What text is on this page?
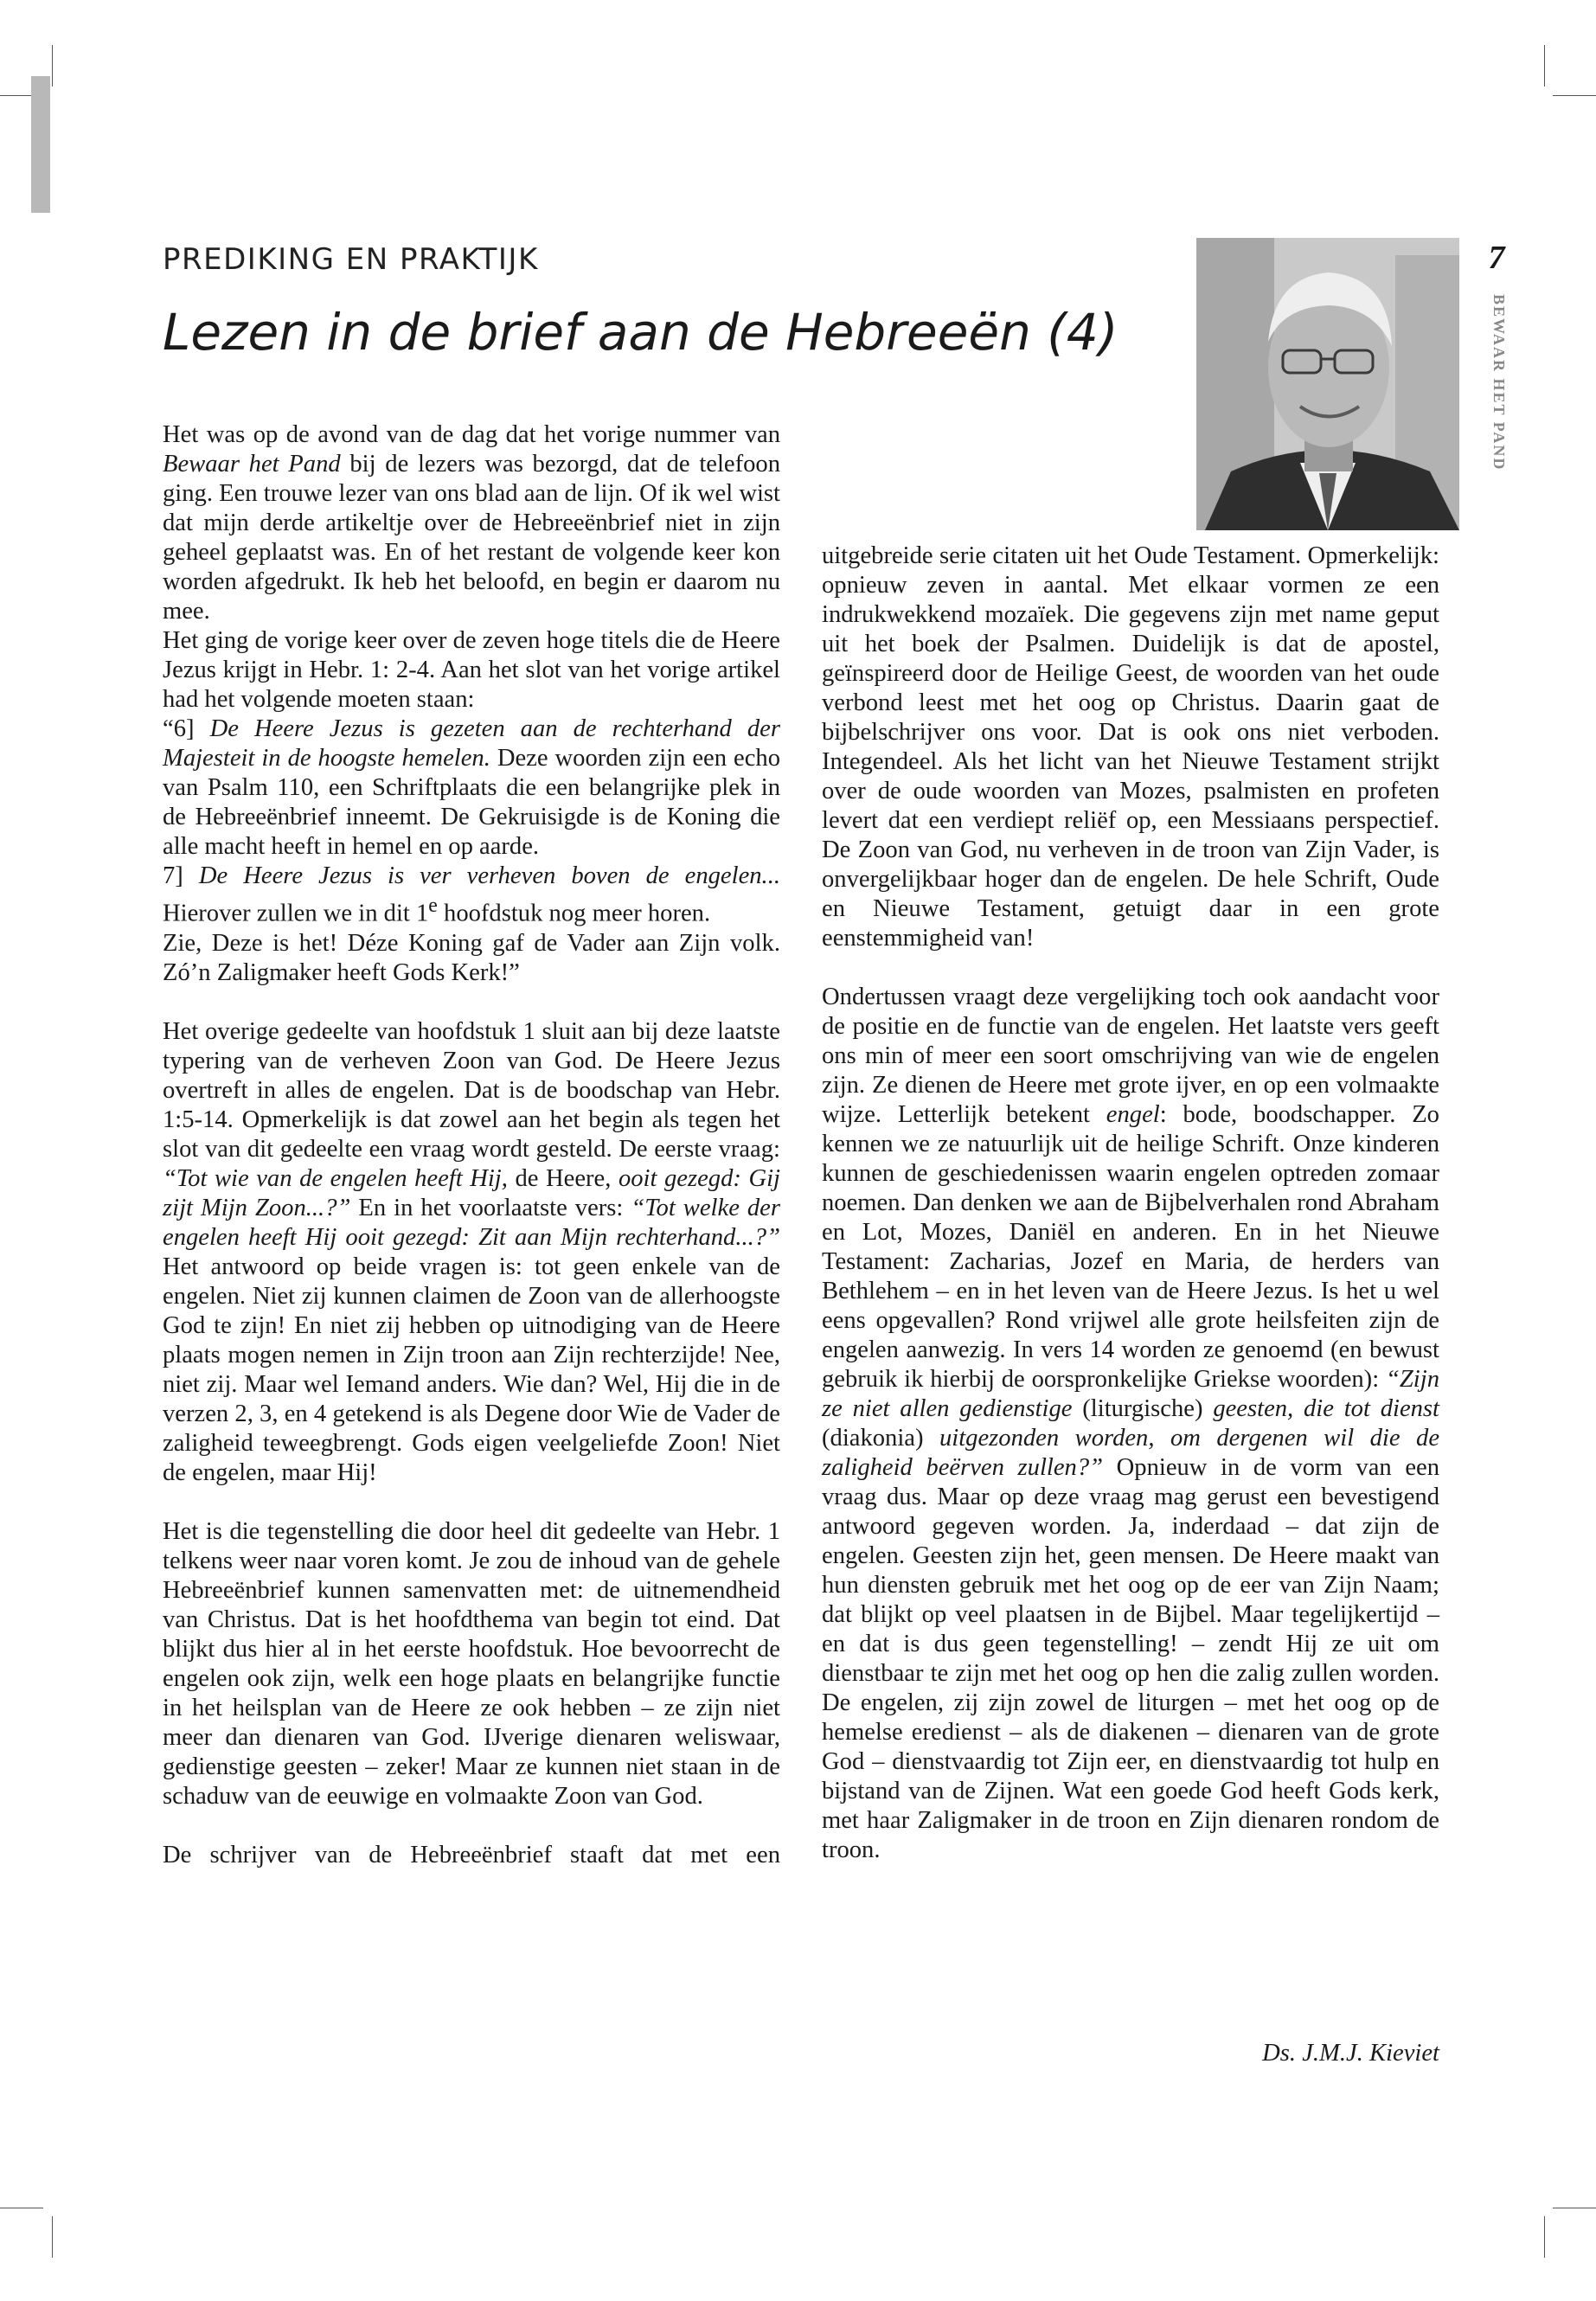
PREDIKING EN PRAKTIJK
Lezen in de brief aan de Hebreeën (4)
7
BEWAAR HET PAND

Het was op de avond van de dag dat het vorige nummer van Bewaar het Pand bij de lezers was bezorgd, dat de telefoon ging. Een trouwe lezer van ons blad aan de lijn. Of ik wel wist dat mijn derde artikeltje over de Hebreeënbrief niet in zijn geheel geplaatst was. En of het restant de volgende keer kon worden afgedrukt. Ik heb het beloofd, en begin er daarom nu mee.

Het ging de vorige keer over de zeven hoge titels die de Heere Jezus krijgt in Hebr. 1: 2-4. Aan het slot van het vorige artikel had het volgende moeten staan:

“6] De Heere Jezus is gezeten aan de rechterhand der Majesteit in de hoogste hemelen. Deze woorden zijn een echo van Psalm 110, een Schriftplaats die een belangrijke plek in de Hebreeënbrief inneemt. De Gekruisigde is de Koning die alle macht heeft in hemel en op aarde.

7] De Heere Jezus is ver verheven boven de engelen... Hierover zullen we in dit 1e hoofdstuk nog meer horen.

Zie, Deze is het! Déze Koning gaf de Vader aan Zijn volk. Zó’n Zaligmaker heeft Gods Kerk!”

Het overige gedeelte van hoofdstuk 1 sluit aan bij deze laatste typering van de verheven Zoon van God. De Heere Jezus overtreft in alles de engelen. Dat is de boodschap van Hebr. 1:5-14. Opmerkelijk is dat zowel aan het begin als tegen het slot van dit gedeelte een vraag wordt gesteld. De eerste vraag: “Tot wie van de engelen heeft Hij, de Heere, ooit gezegd: Gij zijt Mijn Zoon...?” En in het voorlaatste vers: “Tot welke der engelen heeft Hij ooit gezegd: Zit aan Mijn rechterhand...?” Het antwoord op beide vragen is: tot geen enkele van de engelen. Niet zij kunnen claimen de Zoon van de allerhoogste God te zijn! En niet zij hebben op uitnodiging van de Heere plaats mogen nemen in Zijn troon aan Zijn rechterzijde! Nee, niet zij. Maar wel Iemand anders. Wie dan? Wel, Hij die in de verzen 2, 3, en 4 getekend is als Degene door Wie de Vader de zaligheid teweegbrengt. Gods eigen veelgeliefde Zoon! Niet de engelen, maar Hij!

Het is die tegenstelling die door heel dit gedeelte van Hebr. 1 telkens weer naar voren komt. Je zou de inhoud van de gehele Hebreeënbrief kunnen samenvatten met: de uitnemendheid van Christus. Dat is het hoofdthema van begin tot eind. Dat blijkt dus hier al in het eerste hoofdstuk. Hoe bevoorrecht de engelen ook zijn, welk een hoge plaats en belangrijke functie in het heilsplan van de Heere ze ook hebben – ze zijn niet meer dan dienaren van God. IJverige dienaren weliswaar, gedienstige geesten – zeker! Maar ze kunnen niet staan in de schaduw van de eeuwige en volmaakte Zoon van God.

De schrijver van de Hebreeënbrief staaft dat met een

uitgebreide serie citaten uit het Oude Testament. Opmerkelijk: opnieuw zeven in aantal. Met elkaar vormen ze een indrukwekkend mozaïek. Die gegevens zijn met name geput uit het boek der Psalmen. Duidelijk is dat de apostel, geïnspireerd door de Heilige Geest, de woorden van het oude verbond leest met het oog op Christus. Daarin gaat de bijbelschrijver ons voor. Dat is ook ons niet verboden. Integendeel. Als het licht van het Nieuwe Testament strijkt over de oude woorden van Mozes, psalmisten en profeten levert dat een verdiept reliëf op, een Messiaans perspectief. De Zoon van God, nu verheven in de troon van Zijn Vader, is onvergelijkbaar hoger dan de engelen. De hele Schrift, Oude en Nieuwe Testament, getuigt daar in een grote eenstemmigheid van!

Ondertussen vraagt deze vergelijking toch ook aandacht voor de positie en de functie van de engelen. Het laatste vers geeft ons min of meer een soort omschrijving van wie de engelen zijn. Ze dienen de Heere met grote ijver, en op een volmaakte wijze. Letterlijk betekent engel: bode, boodschapper. Zo kennen we ze natuurlijk uit de heilige Schrift. Onze kinderen kunnen de geschiedenissen waarin engelen optreden zomaar noemen. Dan denken we aan de Bijbelverhalen rond Abraham en Lot, Mozes, Daniël en anderen. En in het Nieuwe Testament: Zacharias, Jozef en Maria, de herders van Bethlehem – en in het leven van de Heere Jezus. Is het u wel eens opgevallen? Rond vrijwel alle grote heilsfeiten zijn de engelen aanwezig. In vers 14 worden ze genoemd (en bewust gebruik ik hierbij de oorspronkelijke Griekse woorden): “Zijn ze niet allen gedienstige (liturgische) geesten, die tot dienst (diakonia) uitgezonden worden, om dergenen wil die de zaligheid beërven zullen?” Opnieuw in de vorm van een vraag dus. Maar op deze vraag mag gerust een bevestigend antwoord gegeven worden. Ja, inderdaad – dat zijn de engelen. Geesten zijn het, geen mensen. De Heere maakt van hun diensten gebruik met het oog op de eer van Zijn Naam; dat blijkt op veel plaatsen in de Bijbel. Maar tegelijkertijd – en dat is dus geen tegenstelling! – zendt Hij ze uit om dienstbaar te zijn met het oog op hen die zalig zullen worden. De engelen, zij zijn zowel de liturgen – met het oog op de hemelse eredienst – als de diakenen – dienaren van de grote God – dienstvaardig tot Zijn eer, en dienstvaardig tot hulp en bijstand van de Zijnen. Wat een goede God heeft Gods kerk, met haar Zaligmaker in de troon en Zijn dienaren rondom de troon.

Ds. J.M.J. Kieviet
